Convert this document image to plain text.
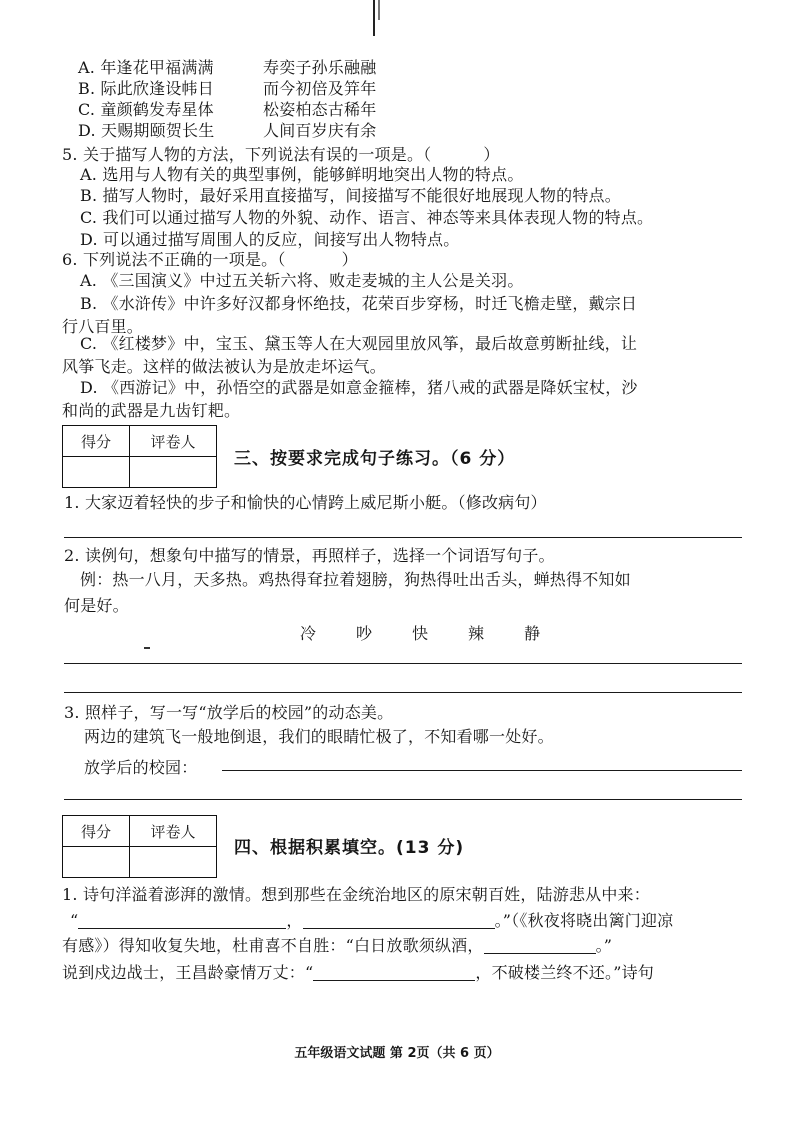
A. 年逢花甲福满满	寿奕子孙乐融融
B. 际此欣逢设帏日	而今初倍及笄年
C. 童颜鹤发寿星体	松姿柏态古稀年
D. 天赐期颐贺长生	人间百岁庆有余
5. 关于描写人物的方法，下列说法有误的一项是。（	）
A. 选用与人物有关的典型事例，能够鲜明地突出人物的特点。
B. 描写人物时，最好采用直接描写，间接描写不能很好地展现人物的特点。
C. 我们可以通过描写人物的外貌、动作、语言、神态等来具体表现人物的特点。
D. 可以通过描写周围人的反应，间接写出人物特点。
6. 下列说法不正确的一项是。（	）
A. 《三国演义》中过五关斩六将、败走麦城的主人公是关羽。
B. 《水浒传》中许多好汉都身怀绝技，花荣百步穿杨，时迁飞檐走壁，戴宗日
行八百里。
C. 《红楼梦》中，宝玉、黛玉等人在大观园里放风筝，最后故意剪断扯线，让
风筝飞走。这样的做法被认为是放走坏运气。
D. 《西游记》中，孙悟空的武器是如意金箍棒，猪八戒的武器是降妖宝杖，沙
和尚的武器是九齿钉耙。
得分	评卷人

三、按要求完成句子练习。（6 分）
1. 大家迈着轻快的步子和愉快的心情跨上威尼斯小艇。（修改病句）
2. 读例句，想象句中描写的情景，再照样子，选择一个词语写句子。
例：热一八月，天多热。鸡热得耷拉着翅膀，狗热得吐出舌头，蝉热得不知如
何是好。
冷	吵	快	辣	静
3. 照样子，写一写“放学后的校园”的动态美。
两边的建筑飞一般地倒退，我们的眼睛忙极了，不知看哪一处好。
放学后的校园：
得分	评卷人

四、根据积累填空。(13 分)
1. 诗句洋溢着澎湃的激情。想到那些在金统治地区的原宋朝百姓，陆游悲从中来：
“	，	。”（《秋夜将晓出篱门迎凉
有感》）得知收复失地，杜甫喜不自胜：“白日放歌须纵酒，	。”
说到戍边战士，王昌龄豪情万丈：“	，不破楼兰终不还。”诗句
五年级语文试题 第 2页（共 6 页）
